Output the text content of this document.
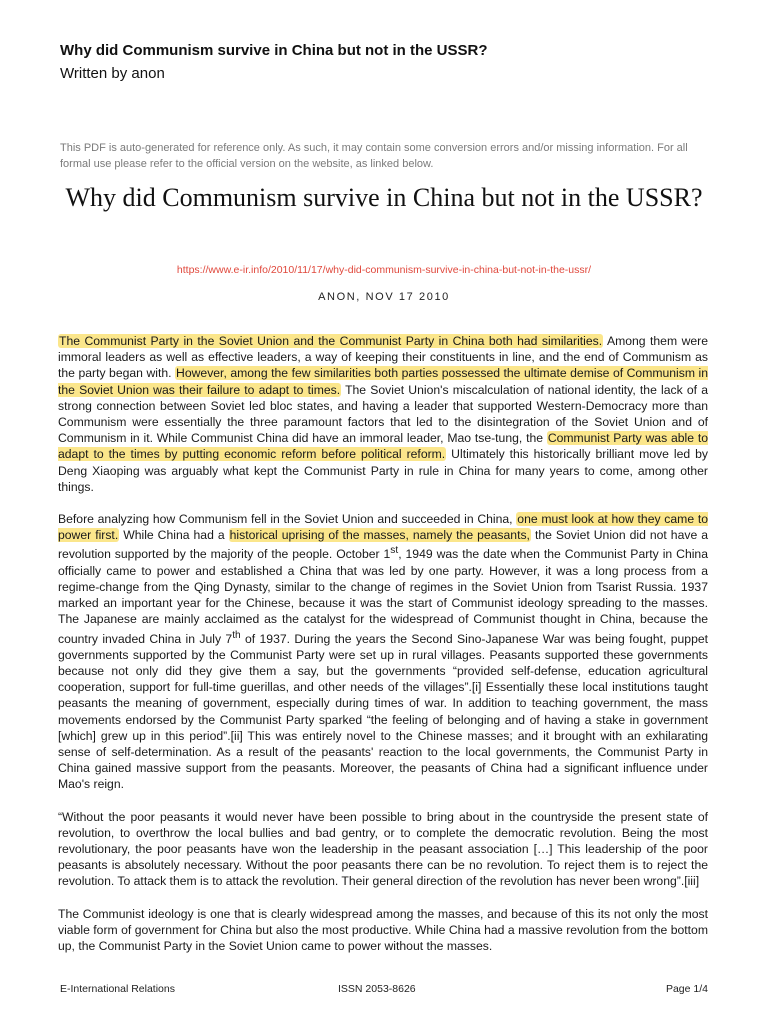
Why did Communism survive in China but not in the USSR?
Written by anon
This PDF is auto-generated for reference only. As such, it may contain some conversion errors and/or missing information. For all formal use please refer to the official version on the website, as linked below.
Why did Communism survive in China but not in the USSR?
https://www.e-ir.info/2010/11/17/why-did-communism-survive-in-china-but-not-in-the-ussr/
ANON, NOV 17 2010

The Communist Party in the Soviet Union and the Communist Party in China both had similarities. Among them were immoral leaders as well as effective leaders, a way of keeping their constituents in line, and the end of Communism as the party began with. However, among the few similarities both parties possessed the ultimate demise of Communism in the Soviet Union was their failure to adapt to times. The Soviet Union's miscalculation of national identity, the lack of a strong connection between Soviet led bloc states, and having a leader that supported Western-Democracy more than Communism were essentially the three paramount factors that led to the disintegration of the Soviet Union and of Communism in it. While Communist China did have an immoral leader, Mao tse-tung, the Communist Party was able to adapt to the times by putting economic reform before political reform. Ultimately this historically brilliant move led by Deng Xiaoping was arguably what kept the Communist Party in rule in China for many years to come, among other things.

Before analyzing how Communism fell in the Soviet Union and succeeded in China, one must look at how they came to power first. While China had a historical uprising of the masses, namely the peasants, the Soviet Union did not have a revolution supported by the majority of the people. October 1st, 1949 was the date when the Communist Party in China officially came to power and established a China that was led by one party. However, it was a long process from a regime-change from the Qing Dynasty, similar to the change of regimes in the Soviet Union from Tsarist Russia. 1937 marked an important year for the Chinese, because it was the start of Communist ideology spreading to the masses. The Japanese are mainly acclaimed as the catalyst for the widespread of Communist thought in China, because the country invaded China in July 7th of 1937. During the years the Second Sino-Japanese War was being fought, puppet governments supported by the Communist Party were set up in rural villages. Peasants supported these governments because not only did they give them a say, but the governments “provided self-defense, education agricultural cooperation, support for full-time guerillas, and other needs of the villages”.[i] Essentially these local institutions taught peasants the meaning of government, especially during times of war. In addition to teaching government, the mass movements endorsed by the Communist Party sparked “the feeling of belonging and of having a stake in government [which] grew up in this period”.[ii] This was entirely novel to the Chinese masses; and it brought with an exhilarating sense of self-determination. As a result of the peasants' reaction to the local governments, the Communist Party in China gained massive support from the peasants. Moreover, the peasants of China had a significant influence under Mao's reign.

“Without the poor peasants it would never have been possible to bring about in the countryside the present state of revolution, to overthrow the local bullies and bad gentry, or to complete the democratic revolution. Being the most revolutionary, the poor peasants have won the leadership in the peasant association […] This leadership of the poor peasants is absolutely necessary. Without the poor peasants there can be no revolution. To reject them is to reject the revolution. To attack them is to attack the revolution. Their general direction of the revolution has never been wrong”.[iii]

The Communist ideology is one that is clearly widespread among the masses, and because of this its not only the most viable form of government for China but also the most productive. While China had a massive revolution from the bottom up, the Communist Party in the Soviet Union came to power without the masses.

E-International Relations	ISSN 2053-8626	Page 1/4
